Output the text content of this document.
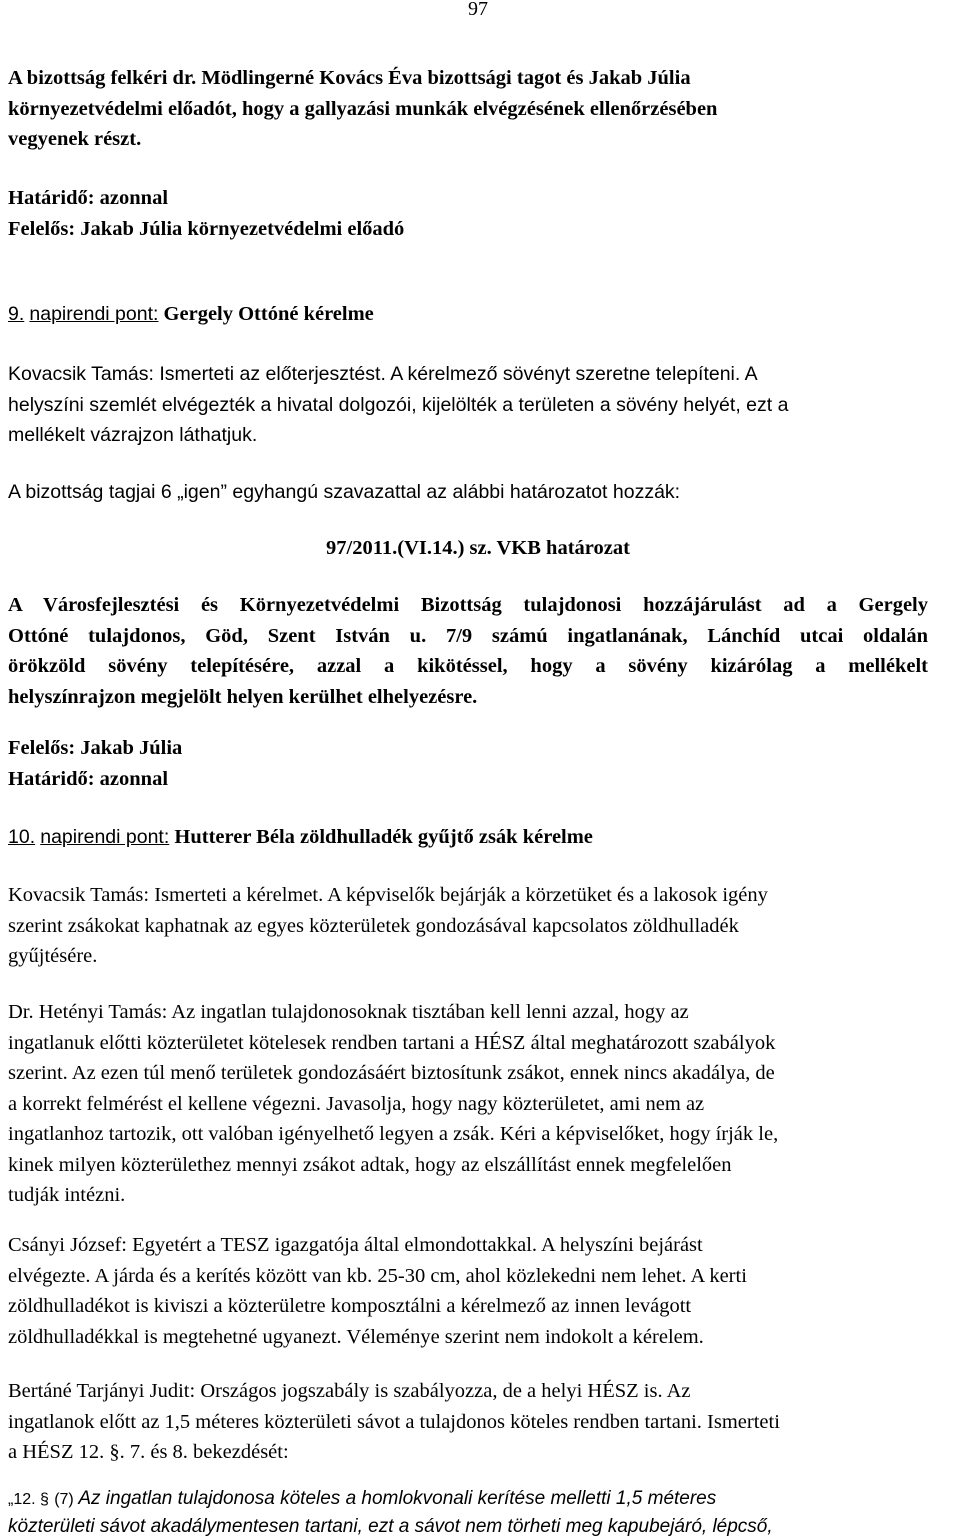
97
A bizottság felkéri dr. Mödlingerné Kovács Éva bizottsági tagot és Jakab Júlia
környezetvédelmi előadót, hogy a gallyazási munkák elvégzésének ellenőrzésében
vegyenek részt.
Határidő: azonnal
Felelős: Jakab Júlia környezetvédelmi előadó
9. napirendi pont: Gergely Ottóné kérelme
Kovacsik Tamás: Ismerteti az előterjesztést. A kérelmező sövényt szeretne telepíteni. A
helyszíni szemlét elvégezték a hivatal dolgozói, kijelölték a területen a sövény helyét, ezt a
mellékelt vázrajzon láthatjuk.
A bizottság tagjai 6 „igen” egyhangú szavazattal az alábbi határozatot hozzák:
97/2011.(VI.14.) sz. VKB határozat
A Városfejlesztési és Környezetvédelmi Bizottság tulajdonosi hozzájárulást ad a Gergely
Ottóné tulajdonos, Göd, Szent István u. 7/9 számú ingatlanának, Lánchíd utcai oldalán
örökzöld sövény telepítésére, azzal a kikötéssel, hogy a sövény kizárólag a mellékelt
helyszínrajzon megjelölt helyen kerülhet elhelyezésre.
Felelős: Jakab Júlia
Határidő: azonnal
10. napirendi pont: Hutterer Béla zöldhulladék gyűjtő zsák kérelme
Kovacsik Tamás: Ismerteti a kérelmet. A képviselők bejárják a körzetüket és a lakosok igény
szerint zsákokat kaphatnak az egyes közterületek gondozásával kapcsolatos zöldhulladék
gyűjtésére.
Dr. Hetényi Tamás: Az ingatlan tulajdonosoknak tisztában kell lenni azzal, hogy az
ingatlanuk előtti közterületet kötelesek rendben tartani a HÉSZ által meghatározott szabályok
szerint. Az ezen túl menő területek gondozásáért biztosítunk zsákot, ennek nincs akadálya, de
a korrekt felmérést el kellene végezni. Javasolja, hogy nagy közterületet, ami nem az
ingatlanhoz tartozik, ott valóban igényelhető legyen a zsák. Kéri a képviselőket, hogy írják le,
kinek milyen közterülethez mennyi zsákot adtak, hogy az elszállítást ennek megfelelően
tudják intézni.
Csányi József: Egyetért a TESZ igazgatója által elmondottakkal. A helyszíni bejárást
elvégezte. A járda és a kerítés között van kb. 25-30 cm, ahol közlekedni nem lehet. A kerti
zöldhulladékot is kiviszi a közterületre komposztálni a kérelmező az innen levágott
zöldhulladékkal is megtehetné ugyanezt. Véleménye szerint nem indokolt a kérelem.
Bertáné Tarjányi Judit: Országos jogszabály is szabályozza, de a helyi HÉSZ is. Az
ingatlanok előtt az 1,5 méteres közterületi sávot a tulajdonos köteles rendben tartani. Ismerteti
a HÉSZ 12. §. 7. és 8. bekezdését:
„12. § (7) Az ingatlan tulajdonosa köteles a homlokvonali kerítése melletti 1,5 méteres
közterületi sávot akadálymentesen tartani, ezt a sávot nem törheti meg kapubejáró, lépcső,
